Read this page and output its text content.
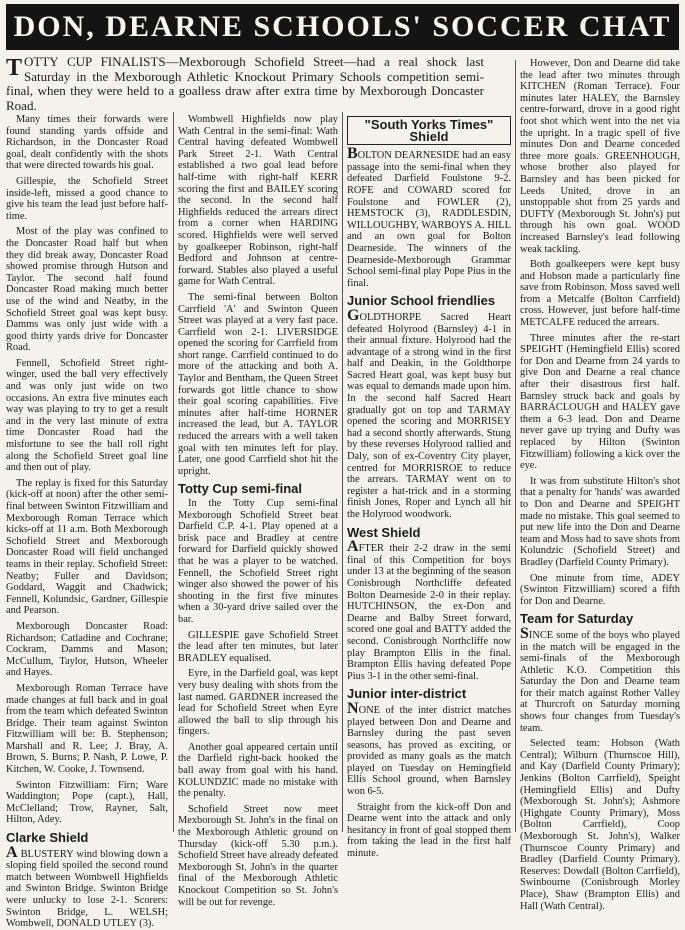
DON, DEARNE SCHOOLS' SOCCER CHAT

TOTTY CUP FINALISTS—Mexborough Schofield Street—had a real shock last Saturday in the Mexborough Athletic Knockout Primary Schools competition semi-final, when they were held to a goalless draw after extra time by Mexborough Doncaster Road.

Many times their forwards were found standing yards offside and Richardson, in the Doncaster Road goal, dealt confidently with the shots that were directed towards his goal.

Gillespie, the Schofield Street inside-left, missed a good chance to give his team the lead just before half-time.

Most of the play was confined to the Doncaster Road half but when they did break away, Doncaster Road showed promise through Hutson and Taylor. The second half found Doncaster Road making much better use of the wind and Neatby, in the Schofield Street goal was kept busy. Damms was only just wide with a good thirty yards drive for Doncaster Road.

Fennell, Schofield Street right-winger, used the ball very effectively and was only just wide on two occasions. An extra five minutes each way was playing to try to get a result and in the very last minute of extra time Doncaster Road had the misfortune to see the ball roll right along the Schofield Street goal line and then out of play.

The replay is fixed for this Saturday (kick-off at noon) after the other semi-final between Swinton Fitzwilliam and Mexborough Roman Terrace which kicks-off at 11 a.m. Both Mexborough Schofield Street and Mexborough Doncaster Road will field unchanged teams in their replay. Schofield Street: Neatby; Fuller and Davidson; Goddard, Waggit and Chadwick; Fennell, Kolundsic, Gardner, Gillespie and Pearson.

Mexborough Doncaster Road: Richardson; Catladine and Cochrane; Cockram, Damms and Mason; McCullum, Taylor, Hutson, Wheeler and Hayes.

Mexborough Roman Terrace have made changes at full back and in goal from the team which defeated Swinton Bridge. Their team against Swinton Fitzwilliam will be: B. Stephenson; Marshall and R. Lee; J. Bray, A. Brown, S. Burns; P. Nash, P. Lowe, P. Kitchen, W. Cooke, J. Townsend.

Swinton Fitzwilliam: Firn; Ware Waddington; Pope (capt.), Hall, McClelland; Trow, Rayner, Salt, Hilton, Adey.

Clarke Shield

A BLUSTERY wind blowing down a sloping field spoiled the second round match between Wombwell Highfields and Swinton Bridge. Swinton Bridge were unlucky to lose 2-1. Scorers: Swinton Bridge, L. WELSH; Wombwell, DONALD UTLEY (3).

Wombwell Highfields now play Wath Central in the semi-final: Wath Central having defeated Wombwell Park Street 2-1. Wath Central established a two goal lead before half-time with right-half KERR scoring the first and BAILEY scoring the second. In the second half Highfields reduced the arrears direct from a corner when HARDING scored. Highfields were well served by goalkeeper Robinson, right-half Bedford and Johnson at centre-forward. Stables also played a useful game for Wath Central.

The semi-final between Bolton Carrfield 'A' and Swinton Queen Street was played at a very fast pace. Carrfield won 2-1. LIVERSIDGE opened the scoring for Carrfield from short range. Carrfield continued to do more of the attacking and both A. Taylor and Bentham, the Queen Street forwards got little chance to show their goal scoring capabilities. Five minutes after half-time HORNER increased the lead, but A. TAYLOR reduced the arrears with a well taken goal with ten minutes left for play. Later, one good Carrfield shot hit the upright.

Totty Cup semi-final

In the Totty Cup semi-final Mexborough Schofield Street beat Darfield C.P. 4-1. Play opened at a brisk pace and Bradley at centre forward for Darfield quickly showed that he was a player to be watched. Fennell, the Schofield Street right winger also showed the power of his shooting in the first five minutes when a 30-yard drive sailed over the bar.

GILLESPIE gave Schofield Street the lead after ten minutes, but later BRADLEY equalised.

Eyre, in the Darfield goal, was kept very busy dealing with shots from the last named. GARDNER increased the lead for Schofield Street when Eyre allowed the ball to slip through his fingers.

Another goal appeared certain until the Darfield right-back hooked the ball away from goal with his hand. KOLUNDZIC made no mistake with the penalty.

Schofield Street now meet Mexborough St. John's in the final on the Mexborough Athletic ground on Thursday (kick-off 5.30 p.m.). Schofield Street have already defeated Mexborough St. John's in the quarter final of the Mexborough Athletic Knockout Competition so St. John's will be out for revenge.

"South Yorks Times" Shield

BOLTON DEARNESIDE had an easy passage into the semi-final when they defeated Darfield Foulstone 9-2. ROFE and COWARD scored for Foulstone and FOWLER (2), HEMSTOCK (3), RADDLESDIN, WILLOUGHBY, WARBOYS A. HILL and an own goal for Bolton Dearneside. The winners of the Dearneside-Mexborough Grammar School semi-final play Pope Pius in the final.

Junior School friendlies

GOLDTHORPE Sacred Heart defeated Holyrood (Barnsley) 4-1 in their annual fixture. Holyrood had the advantage of a strong wind in the first half and Deakin, in the Goldthorpe Sacred Heart goal, was kept busy but was equal to demands made upon him. In the second half Sacred Heart gradually got on top and TARMAY opened the scoring and MORRISEY had a second shortly afterwards. Stung by these reverses Holyrood rallied and Daly, son of ex-Coventry City player, centred for MORRISROE to reduce the arrears. TARMAY went on to register a hat-trick and in a storming finish Jones, Roper and Lynch all hit the Holyrood woodwork.

West Shield

AFTER their 2-2 draw in the semi final of this Competition for boys under 13 at the beginning of the season Conisbrough Northcliffe defeated Bolton Dearneside 2-0 in their replay. HUTCHINSON, the ex-Don and Dearne and Balby Street forward, scored one goal and BATTY added the second. Conisbrough Northcliffe now play Brampton Ellis in the final. Brampton Ellis having defeated Pope Pius 3-1 in the other semi-final.

Junior inter-district

NONE of the inter district matches played between Don and Dearne and Barnsley during the past seven seasons, has proved as exciting, or provided as many goals as the match played on Tuesday on Hemingfield Ellis School ground, when Barnsley won 6-5.

Straight from the kick-off Don and Dearne went into the attack and only hesitancy in front of goal stopped them from taking the lead in the first half minute.

However, Don and Dearne did take the lead after two minutes through KITCHEN (Roman Terrace). Four minutes later HALEY, the Barnsley centre-forward, drove in a good right foot shot which went into the net via the upright. In a tragic spell of five minutes Don and Dearne conceded three more goals. GREENHOUGH, whose brother also played for Barnsley and has been picked for Leeds United, drove in an unstoppable shot from 25 yards and DUFTY (Mexborough St. John's) put through his own goal. WOOD increased Barnsley's lead following weak tackling.

Both goalkeepers were kept busy and Hobson made a particularly fine save from Robinson. Moss saved well from a Metcalfe (Bolton Carrfield) cross. However, just before half-time METCALFE reduced the arrears.

Three minutes after the re-start SPEIGHT (Hemingfield Ellis) scored for Don and Dearne from 24 yards to give Don and Dearne a real chance after their disastrous first half. Barnsley struck back and goals by BARRACLOUGH and HALEY gave them a 6-3 lead. Don and Dearne never gave up trying and Dufty was replaced by Hilton (Swinton Fitzwilliam) following a kick over the eye.

It was from substitute Hilton's shot that a penalty for 'hands' was awarded to Don and Dearne and SPEIGHT made no mistake. This goal seemed to put new life into the Don and Dearne team and Moss had to save shots from Kolundzic (Schofield Street) and Bradley (Darfield County Primary).

One minute from time, ADEY (Swinton Fitzwilliam) scored a fifth for Don and Dearne.

Team for Saturday

SINCE some of the boys who played in the match will be engaged in the semi-finals of the Mexborough Athletic K.O. Competition this Saturday the Don and Dearne team for their match against Rother Valley at Thurcroft on Saturday morning shows four changes from Tuesday's team.

Selected team: Hobson (Wath Central); Wilburn (Thurnscoe Hill), and Kay (Darfield County Primary); Jenkins (Bolton Carrfield), Speight (Hemingfield Ellis) and Dufty (Mexborough St. John's); Ashmore (Highgate County Primary), Moss (Bolton Carrfield), Coop (Mexborough St. John's), Walker (Thurnscoe County Primary) and Bradley (Darfield County Primary). Reserves: Dowdall (Bolton Carrfield), Swinbourne (Conisbrough Morley Place), Shaw (Brampton Ellis) and Hall (Wath Central).
